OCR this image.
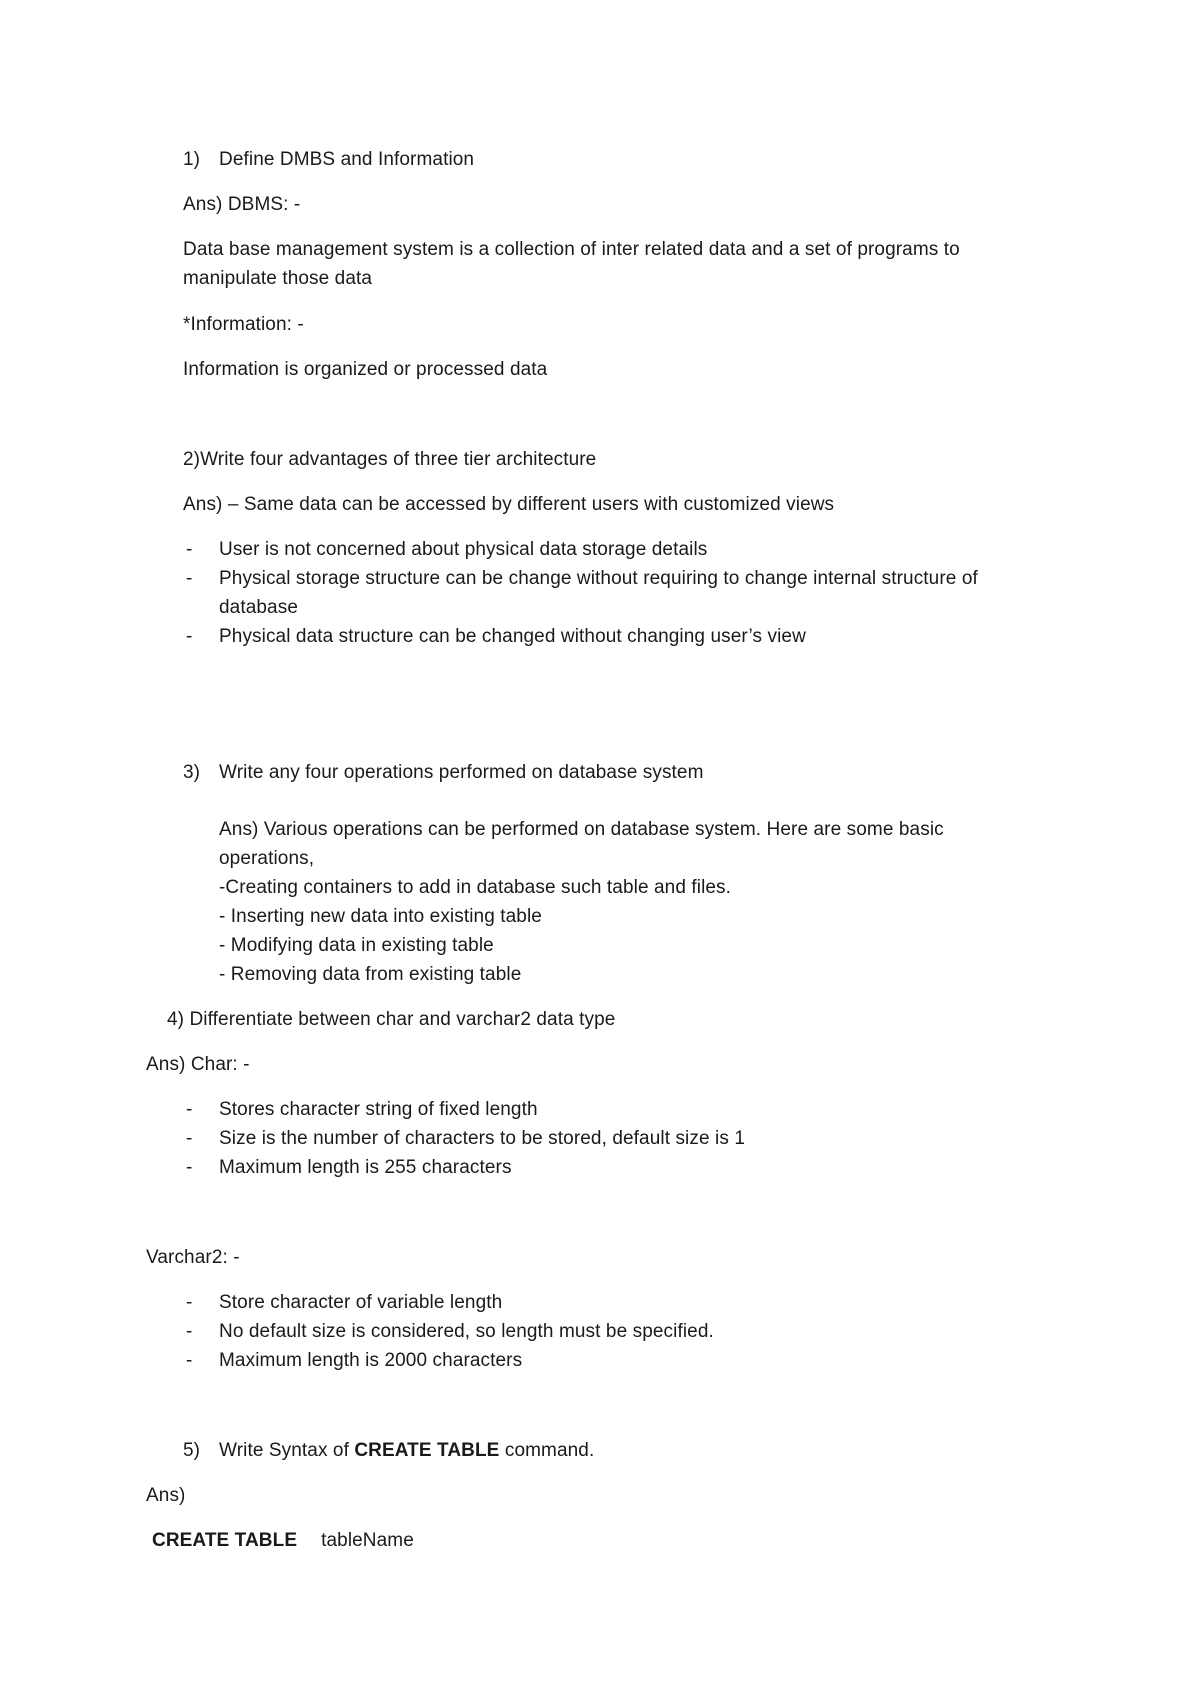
1) Define DMBS and Information
Ans) DBMS: -
Data base management system is a collection of inter related data and a set of programs to
manipulate those data
*Information: -
Information is organized or processed data
2)Write four advantages of three tier architecture
Ans) – Same data can be accessed by different users with customized views
- User is not concerned about physical data storage details
- Physical storage structure can be change without requiring to change internal structure of
database
- Physical data structure can be changed without changing user’s view
3) Write any four operations performed on database system
Ans) Various operations can be performed on database system. Here are some basic
operations,
-Creating containers to add in database such table and files.
- Inserting new data into existing table
- Modifying data in existing table
- Removing data from existing table
4) Differentiate between char and varchar2 data type
Ans) Char: -
- Stores character string of fixed length
- Size is the number of characters to be stored, default size is 1
- Maximum length is 255 characters
Varchar2: -
- Store character of variable length
- No default size is considered, so length must be specified.
- Maximum length is 2000 characters
5) Write Syntax of CREATE TABLE command.
Ans)
CREATE TABLE tableName
